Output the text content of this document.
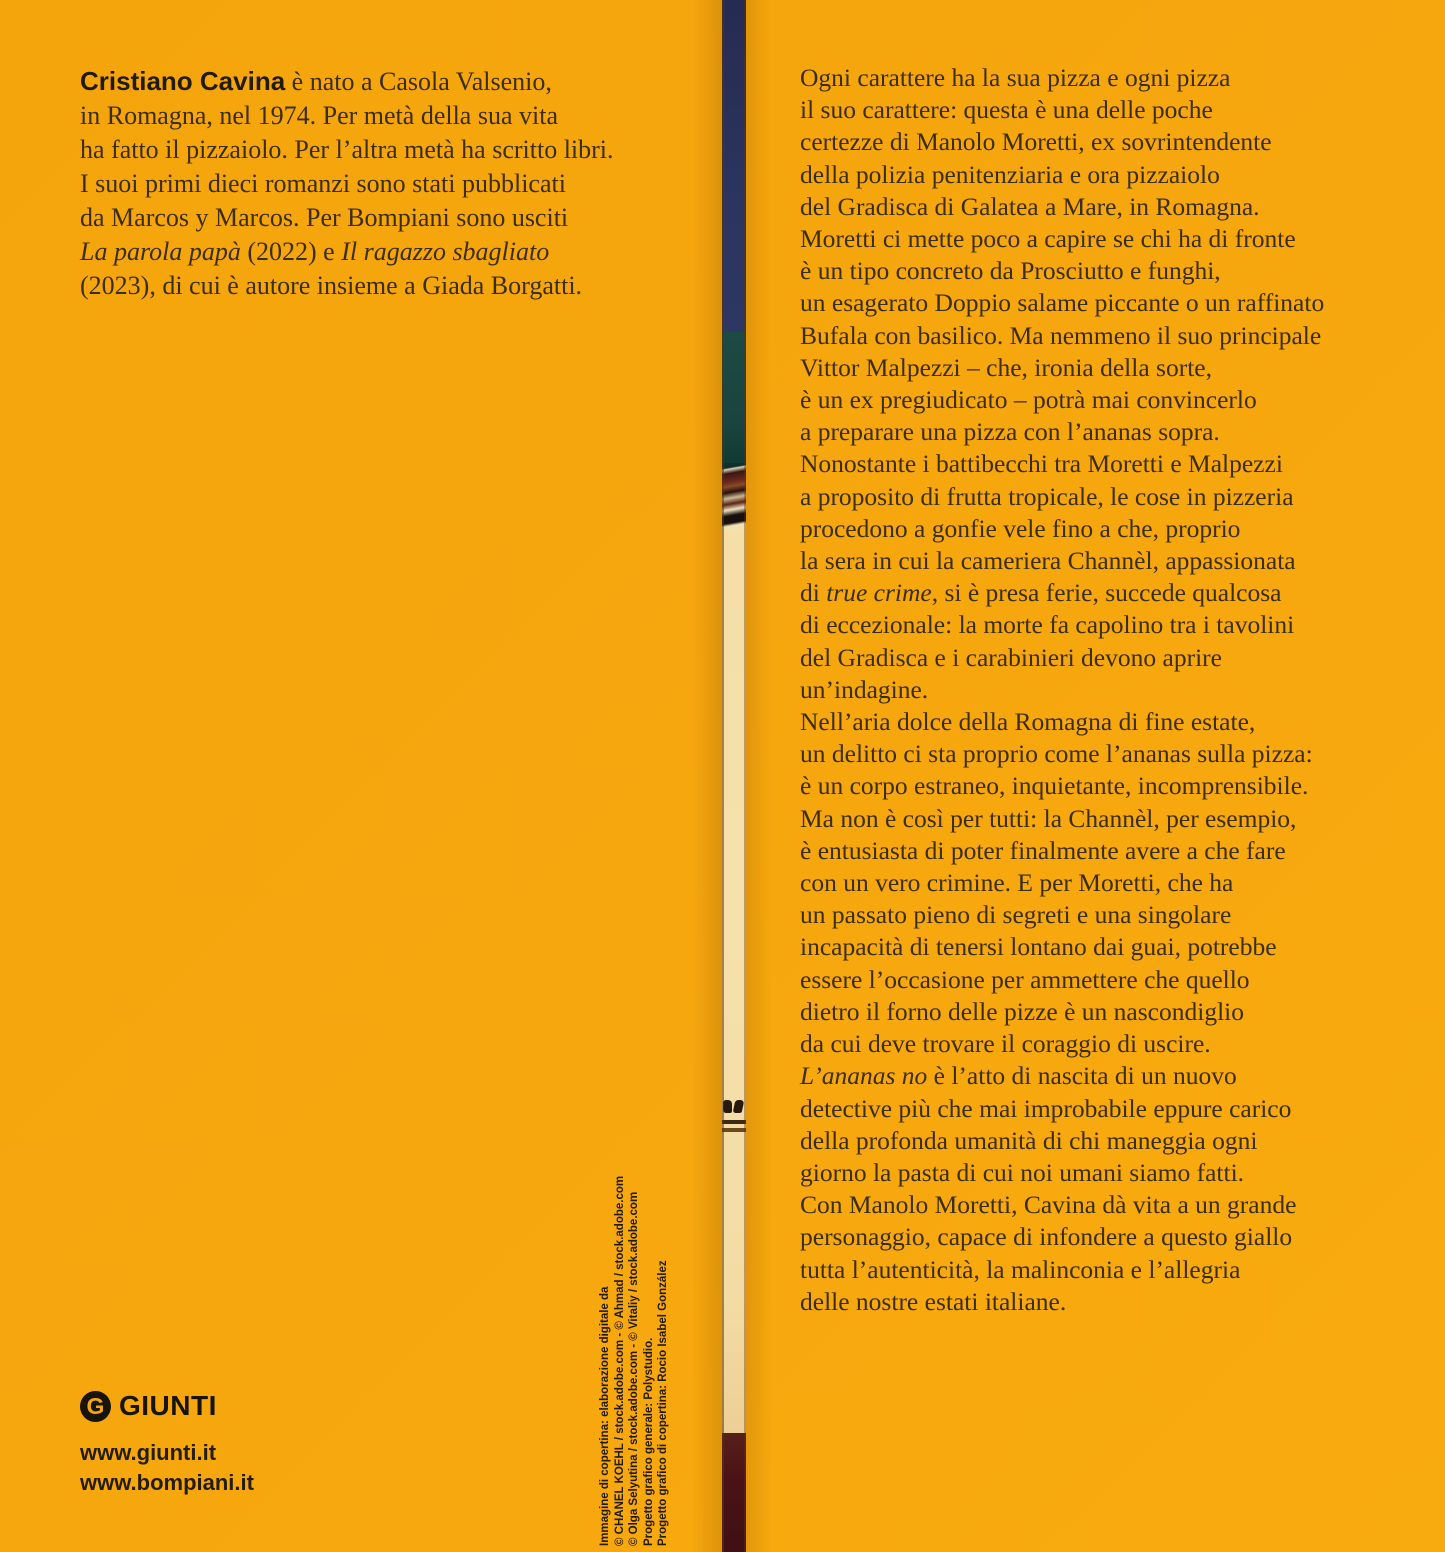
Cristiano Cavina è nato a Casola Valsenio,
in Romagna, nel 1974. Per metà della sua vita
ha fatto il pizzaiolo. Per l’altra metà ha scritto libri.
I suoi primi dieci romanzi sono stati pubblicati
da Marcos y Marcos. Per Bompiani sono usciti
La parola papà (2022) e Il ragazzo sbagliato
(2023), di cui è autore insieme a Giada Borgatti.
Ogni carattere ha la sua pizza e ogni pizza
il suo carattere: questa è una delle poche
certezze di Manolo Moretti, ex sovrintendente
della polizia penitenziaria e ora pizzaiolo
del Gradisca di Galatea a Mare, in Romagna.
Moretti ci mette poco a capire se chi ha di fronte
è un tipo concreto da Prosciutto e funghi,
un esagerato Doppio salame piccante o un raffinato
Bufala con basilico. Ma nemmeno il suo principale
Vittor Malpezzi – che, ironia della sorte,
è un ex pregiudicato – potrà mai convincerlo
a preparare una pizza con l’ananas sopra.
Nonostante i battibecchi tra Moretti e Malpezzi
a proposito di frutta tropicale, le cose in pizzeria
procedono a gonfie vele fino a che, proprio
la sera in cui la cameriera Channèl, appassionata
di true crime, si è presa ferie, succede qualcosa
di eccezionale: la morte fa capolino tra i tavolini
del Gradisca e i carabinieri devono aprire
un’indagine.
Nell’aria dolce della Romagna di fine estate,
un delitto ci sta proprio come l’ananas sulla pizza:
è un corpo estraneo, inquietante, incomprensibile.
Ma non è così per tutti: la Channèl, per esempio,
è entusiasta di poter finalmente avere a che fare
con un vero crimine. E per Moretti, che ha
un passato pieno di segreti e una singolare
incapacità di tenersi lontano dai guai, potrebbe
essere l’occasione per ammettere che quello
dietro il forno delle pizze è un nascondiglio
da cui deve trovare il coraggio di uscire.
L’ananas no è l’atto di nascita di un nuovo
detective più che mai improbabile eppure carico
della profonda umanità di chi maneggia ogni
giorno la pasta di cui noi umani siamo fatti.
Con Manolo Moretti, Cavina dà vita a un grande
personaggio, capace di infondere a questo giallo
tutta l’autenticità, la malinconia e l’allegria
delle nostre estati italiane.
Immagine di copertina: elaborazione digitale da © CHANEL KOEHL / stock.adobe.com - © Ahmad / stock.adobe.com © Olga Selyutina / stock.adobe.com - © Vitaliy / stock.adobe.com Progetto grafico generale: Polystudio. Progetto grafico di copertina: Rocio Isabel González
G GIUNTI
www.giunti.it
www.bompiani.it
